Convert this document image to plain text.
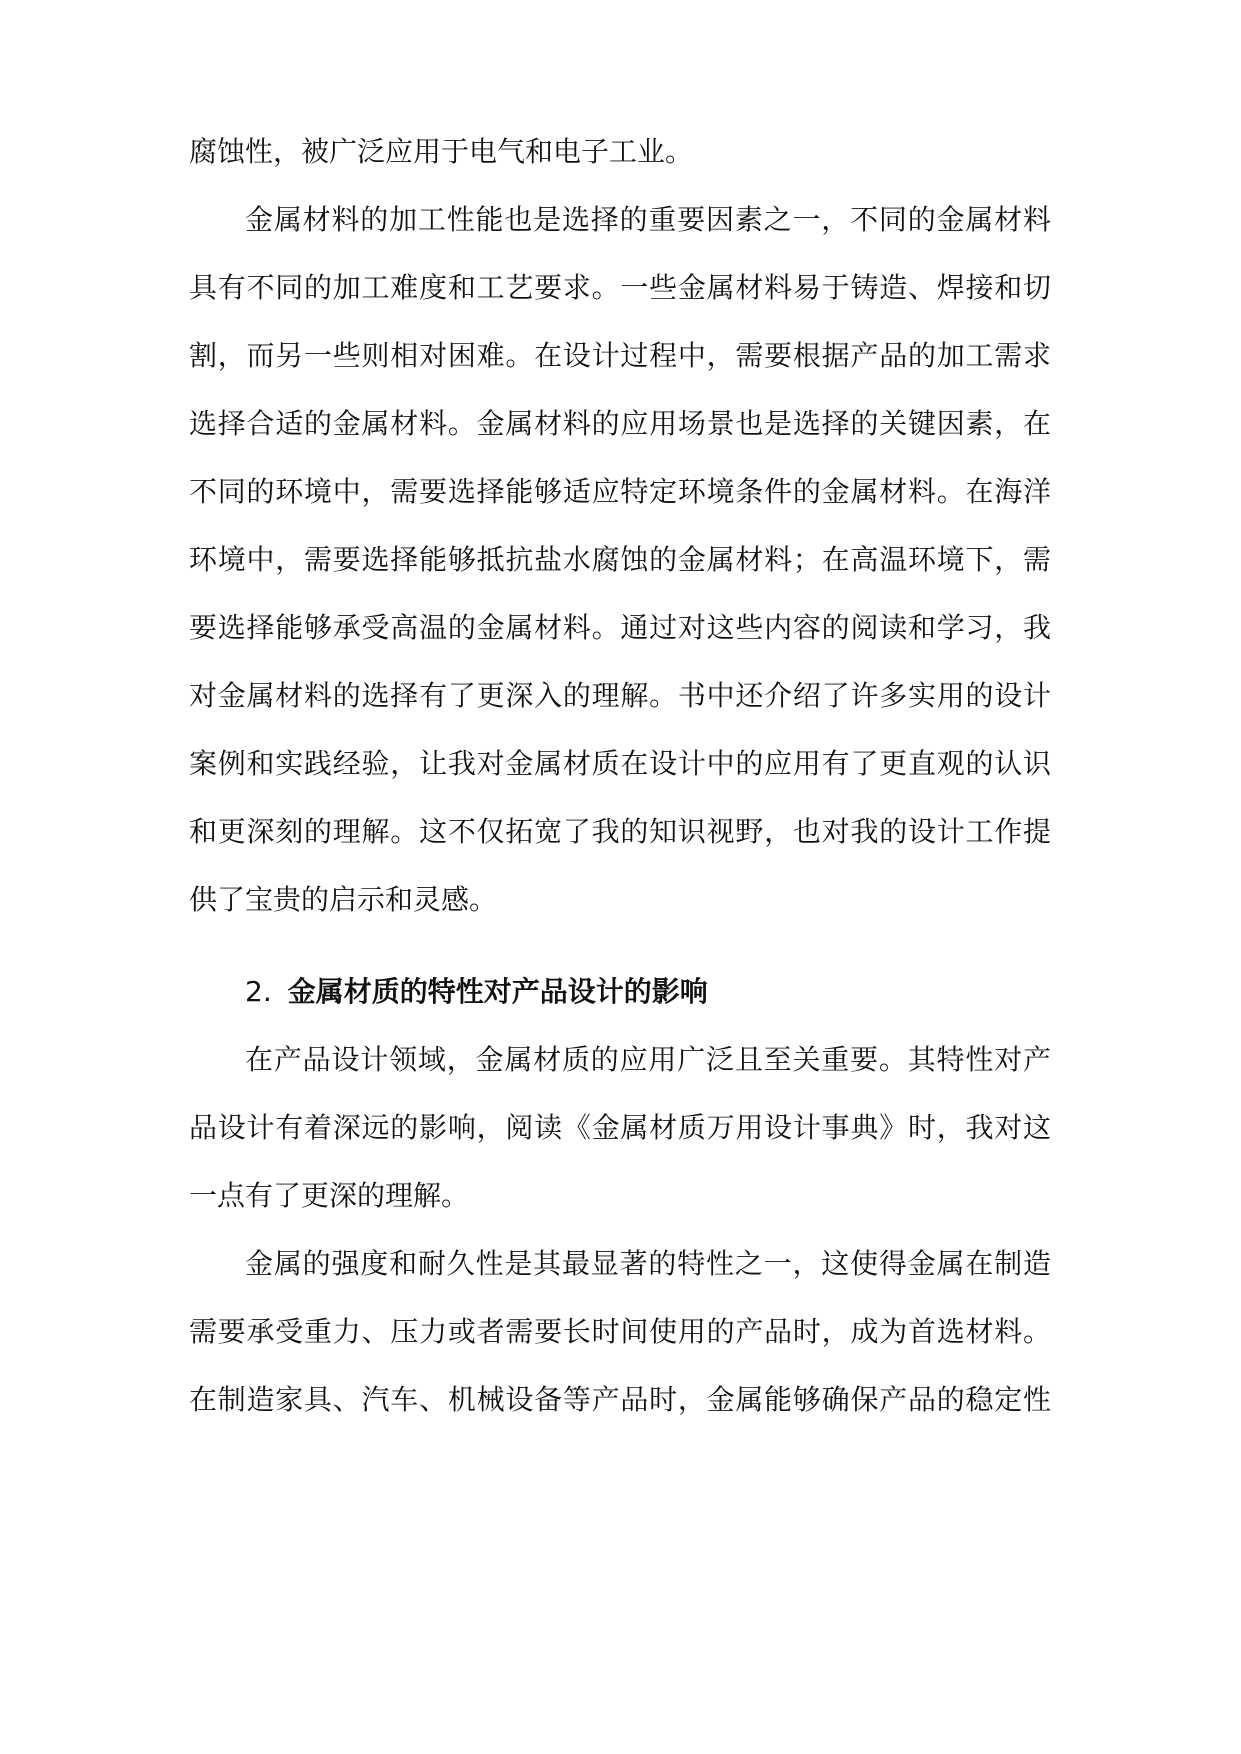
腐蚀性，被广泛应用于电气和电子工业。
金属材料的加工性能也是选择的重要因素之一，不同的金属材料
具有不同的加工难度和工艺要求。一些金属材料易于铸造、焊接和切
割，而另一些则相对困难。在设计过程中，需要根据产品的加工需求
选择合适的金属材料。金属材料的应用场景也是选择的关键因素，在
不同的环境中，需要选择能够适应特定环境条件的金属材料。在海洋
环境中，需要选择能够抵抗盐水腐蚀的金属材料；在高温环境下，需
要选择能够承受高温的金属材料。通过对这些内容的阅读和学习，我
对金属材料的选择有了更深入的理解。书中还介绍了许多实用的设计
案例和实践经验，让我对金属材质在设计中的应用有了更直观的认识
和更深刻的理解。这不仅拓宽了我的知识视野，也对我的设计工作提
供了宝贵的启示和灵感。
2. 金属材质的特性对产品设计的影响
在产品设计领域，金属材质的应用广泛且至关重要。其特性对产
品设计有着深远的影响，阅读《金属材质万用设计事典》时，我对这
一点有了更深的理解。
金属的强度和耐久性是其最显著的特性之一，这使得金属在制造
需要承受重力、压力或者需要长时间使用的产品时，成为首选材料。
在制造家具、汽车、机械设备等产品时，金属能够确保产品的稳定性
